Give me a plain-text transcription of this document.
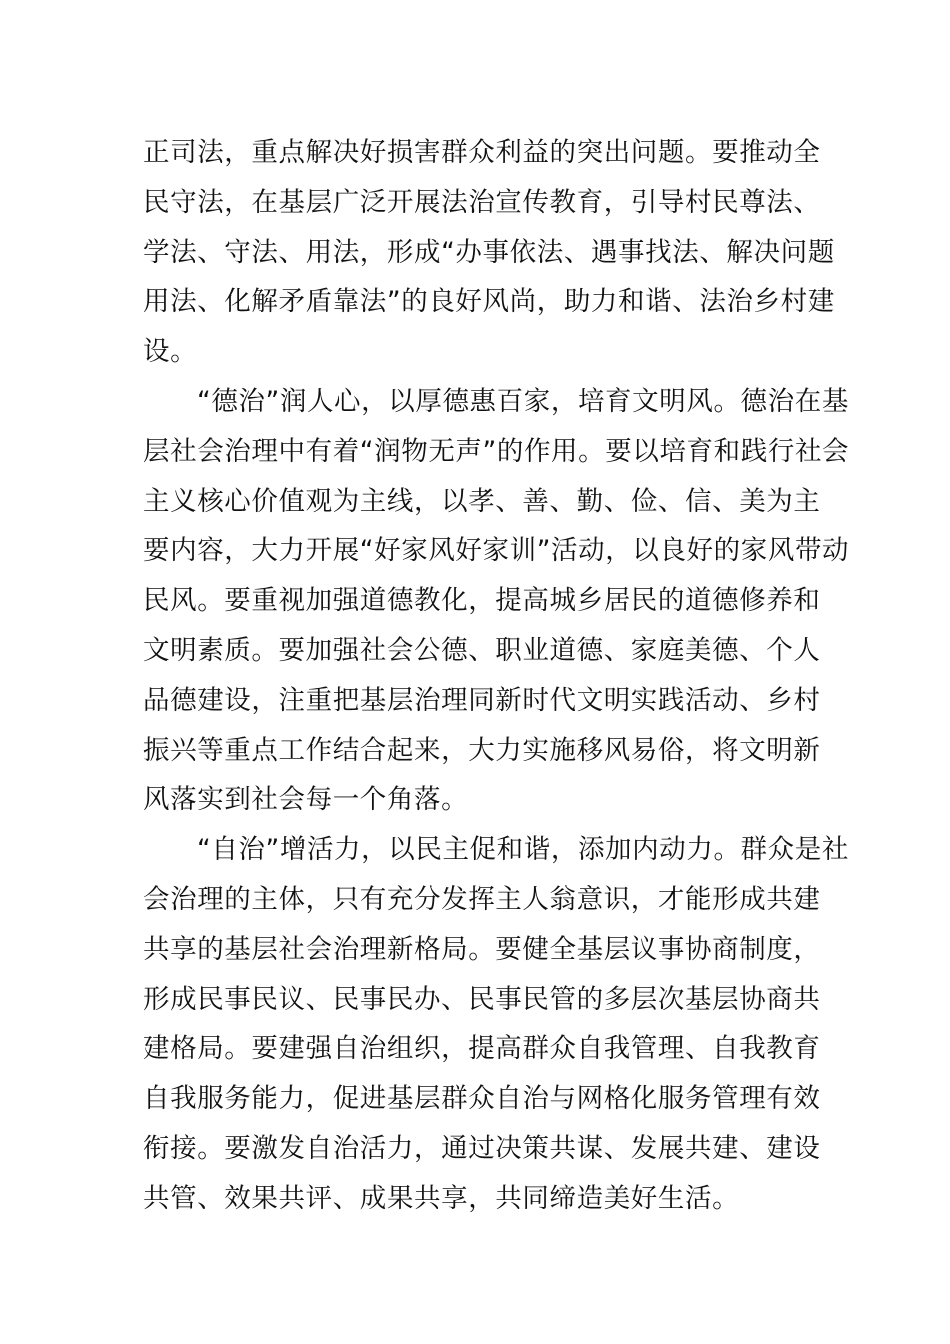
正司法，重点解决好损害群众利益的突出问题。要推动全
民守法，在基层广泛开展法治宣传教育，引导村民尊法、
学法、守法、用法，形成“办事依法、遇事找法、解决问题
用法、化解矛盾靠法”的良好风尚，助力和谐、法治乡村建
设。
“德治”润人心，以厚德惠百家，培育文明风。德治在基
层社会治理中有着“润物无声”的作用。要以培育和践行社会
主义核心价值观为主线，以孝、善、勤、俭、信、美为主
要内容，大力开展“好家风好家训”活动，以良好的家风带动
民风。要重视加强道德教化，提高城乡居民的道德修养和
文明素质。要加强社会公德、职业道德、家庭美德、个人
品德建设，注重把基层治理同新时代文明实践活动、乡村
振兴等重点工作结合起来，大力实施移风易俗，将文明新
风落实到社会每一个角落。
“自治”增活力，以民主促和谐，添加内动力。群众是社
会治理的主体，只有充分发挥主人翁意识，才能形成共建
共享的基层社会治理新格局。要健全基层议事协商制度，
形成民事民议、民事民办、民事民管的多层次基层协商共
建格局。要建强自治组织，提高群众自我管理、自我教育
自我服务能力，促进基层群众自治与网格化服务管理有效
衔接。要激发自治活力，通过决策共谋、发展共建、建设
共管、效果共评、成果共享，共同缔造美好生活。
